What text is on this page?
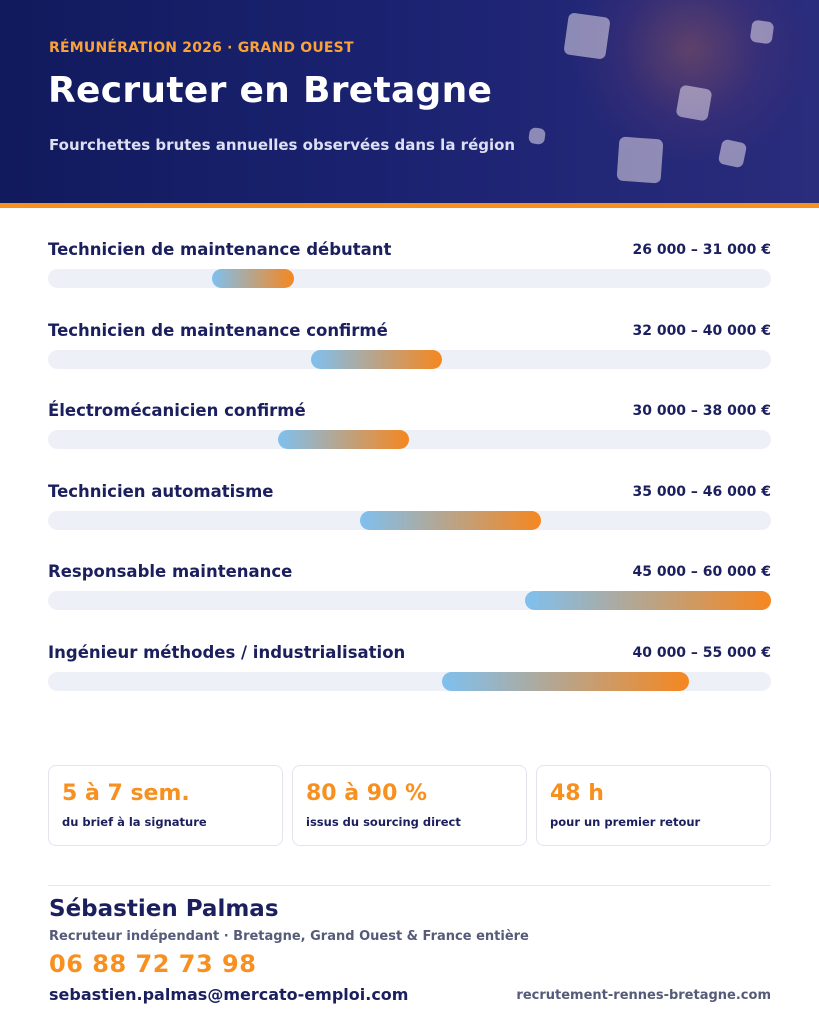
RÉMUNÉRATION 2026 · GRAND OUEST
Recruter en Bretagne
Fourchettes brutes annuelles observées dans la région
Technicien de maintenance débutant	26 000 – 31 000 €
Technicien de maintenance confirmé	32 000 – 40 000 €
Électromécanicien confirmé	30 000 – 38 000 €
Technicien automatisme	35 000 – 46 000 €
Responsable maintenance	45 000 – 60 000 €
Ingénieur méthodes / industrialisation	40 000 – 55 000 €
5 à 7 sem.
du brief à la signature
80 à 90 %
issus du sourcing direct
48 h
pour un premier retour
Sébastien Palmas
Recruteur indépendant · Bretagne, Grand Ouest & France entière
06 88 72 73 98
sebastien.palmas@mercato-emploi.com	recrutement-rennes-bretagne.com
